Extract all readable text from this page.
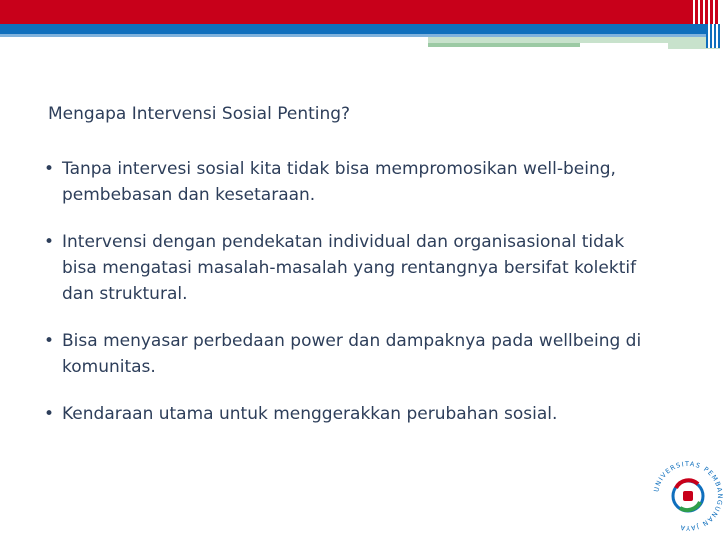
Mengapa Intervensi Sosial Penting?
• Tanpa intervesi sosial kita tidak bisa mempromosikan well-being, pembebasan dan kesetaraan.
• Intervensi dengan pendekatan individual dan organisasional tidak bisa mengatasi masalah-masalah yang rentangnya bersifat kolektif dan struktural.
• Bisa menyasar perbedaan power dan dampaknya pada wellbeing di komunitas.
• Kendaraan utama untuk menggerakkan perubahan sosial.
UNIVERSITAS PEMBANGUNAN JAYA
